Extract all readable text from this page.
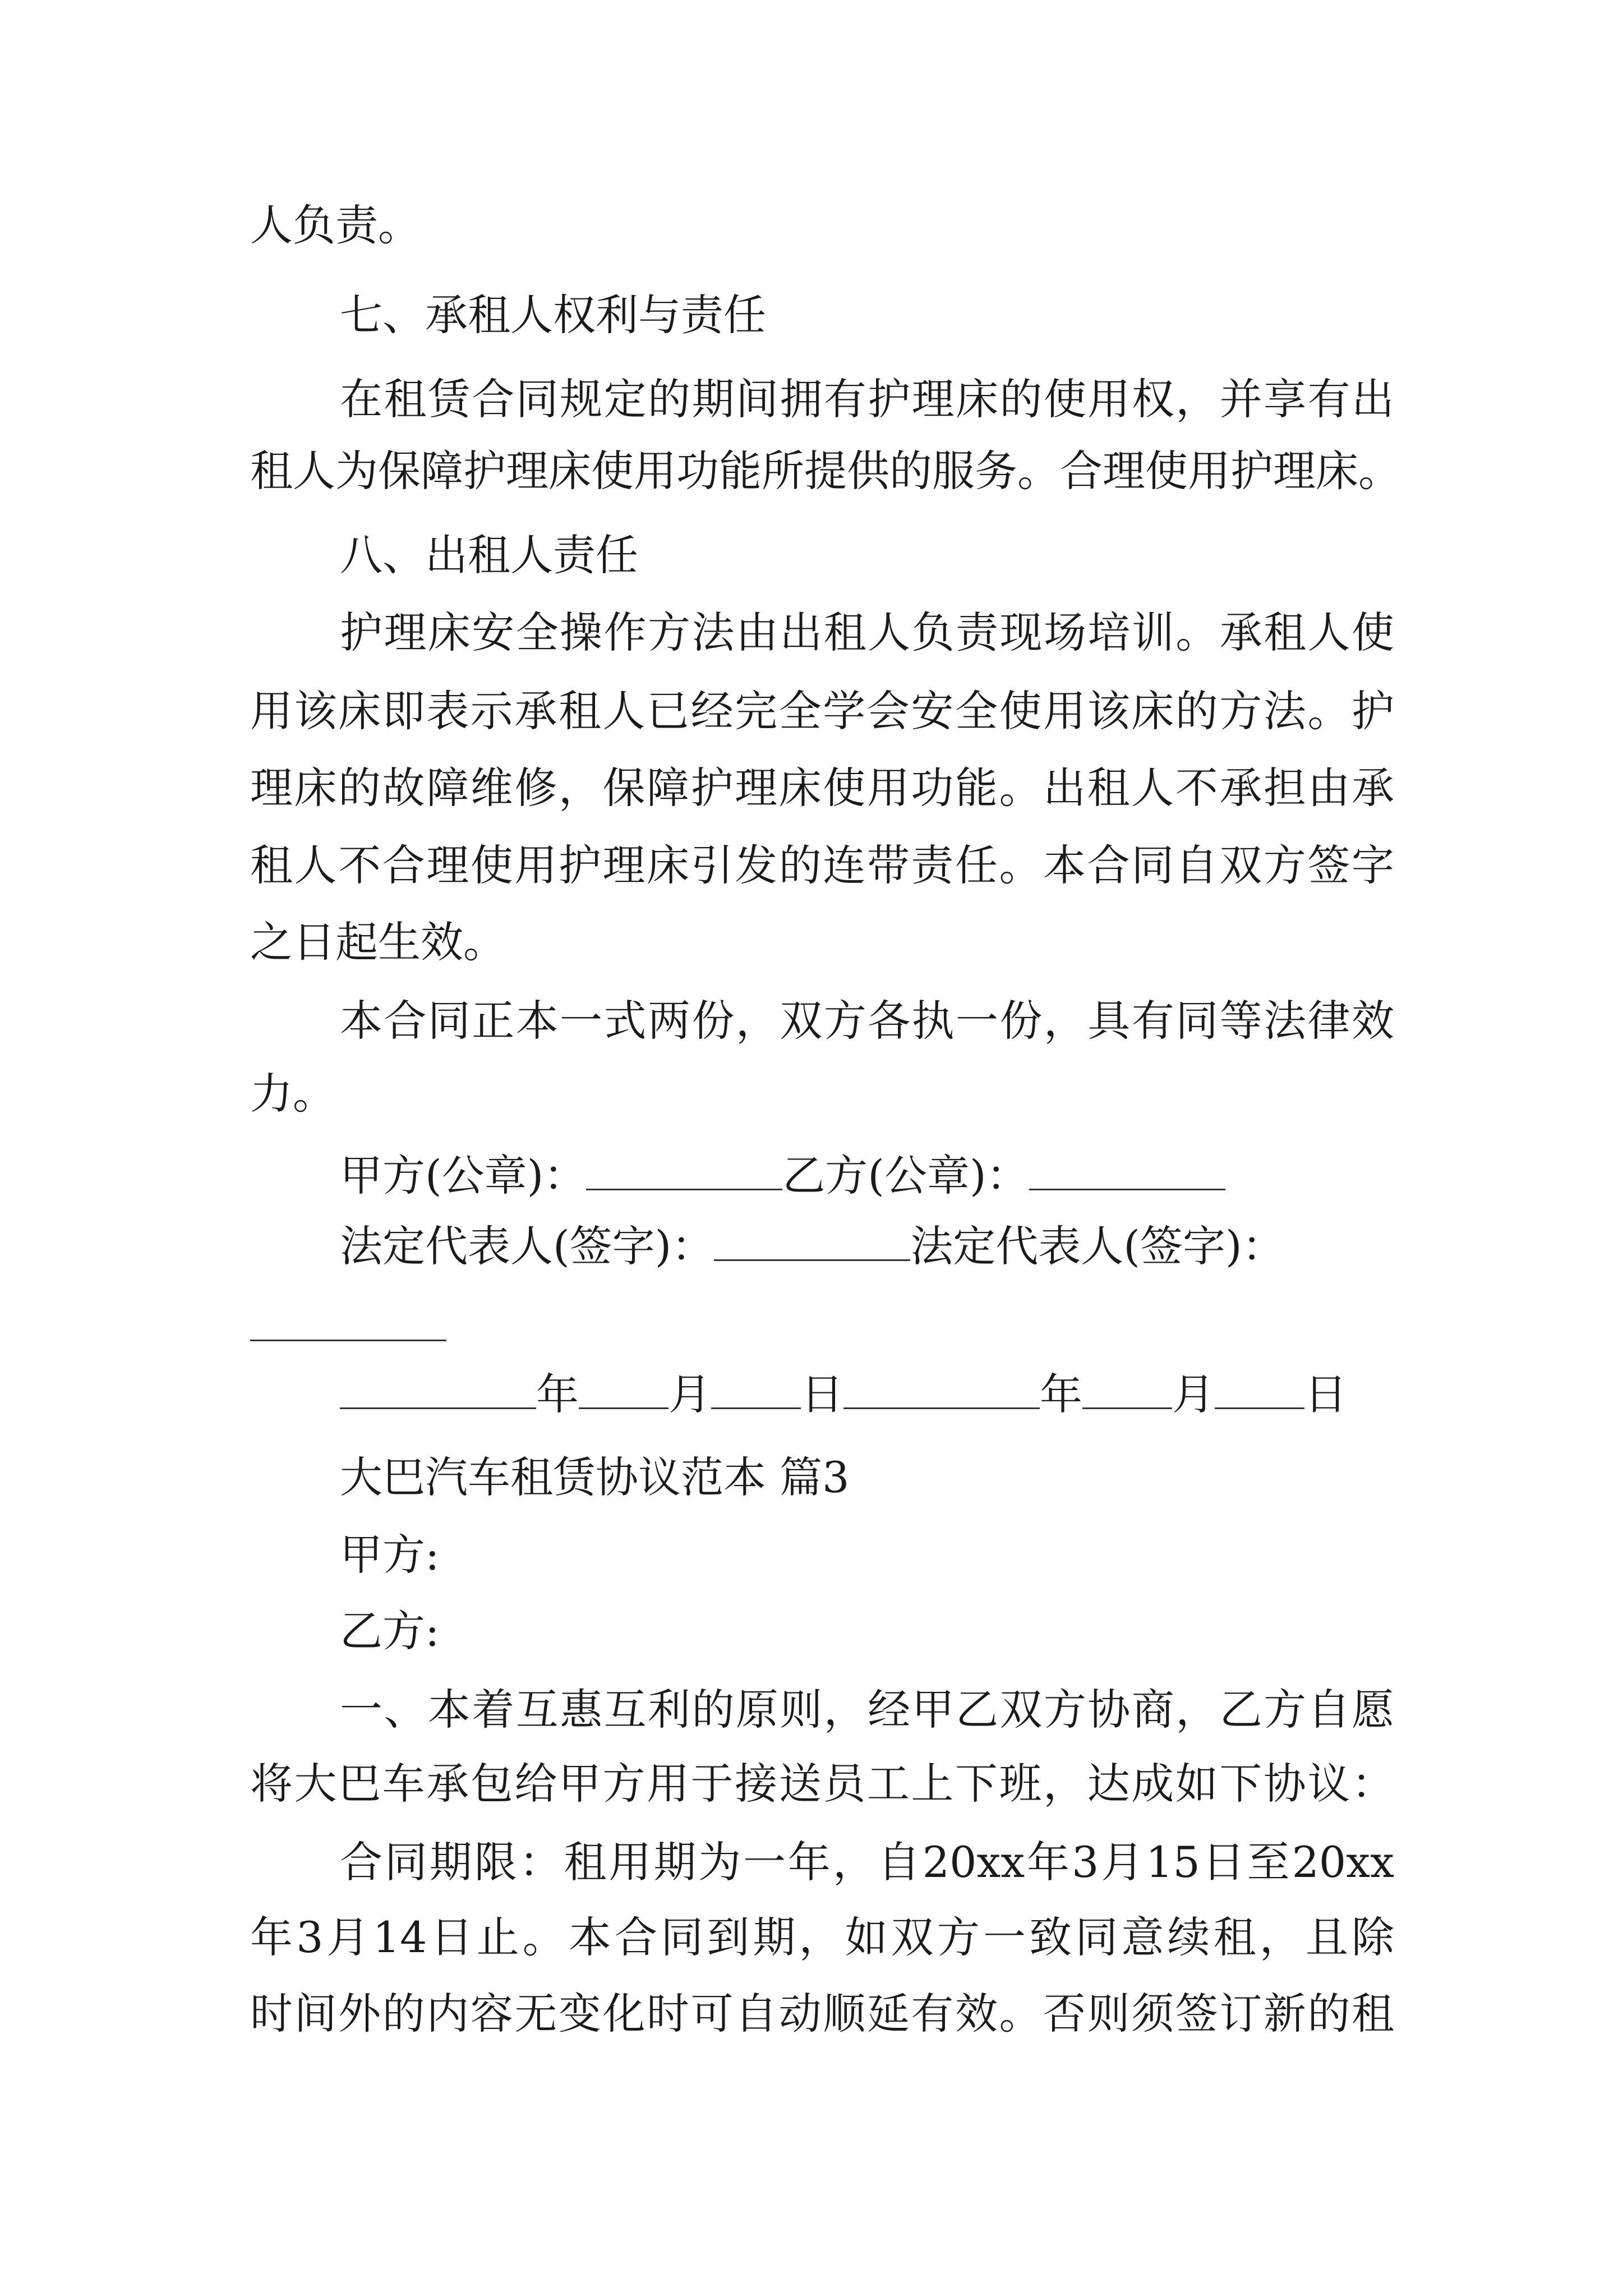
人负责。
七、承租人权利与责任
在租赁合同规定的期间拥有护理床的使用权，并享有出
租人为保障护理床使用功能所提供的服务。合理使用护理床。
八、出租人责任
护理床安全操作方法由出租人负责现场培训。承租人使
用该床即表示承租人已经完全学会安全使用该床的方法。护
理床的故障维修，保障护理床使用功能。出租人不承担由承
租人不合理使用护理床引发的连带责任。本合同自双方签字
之日起生效。
本合同正本一式两份，双方各执一份，具有同等法律效
力。
甲方(公章)：	乙方(公章)：
法定代表人(签字)：	法定代表人(签字)：
年 月 日	年 月 日
大巴汽车租赁协议范本 篇3
甲方:
乙方:
一、本着互惠互利的原则，经甲乙双方协商，乙方自愿
将大巴车承包给甲方用于接送员工上下班，达成如下协议：
合同期限：租用期为一年，自20xx年3月15日至20xx
年3月14日止。本合同到期，如双方一致同意续租，且除
时间外的内容无变化时可自动顺延有效。否则须签订新的租
